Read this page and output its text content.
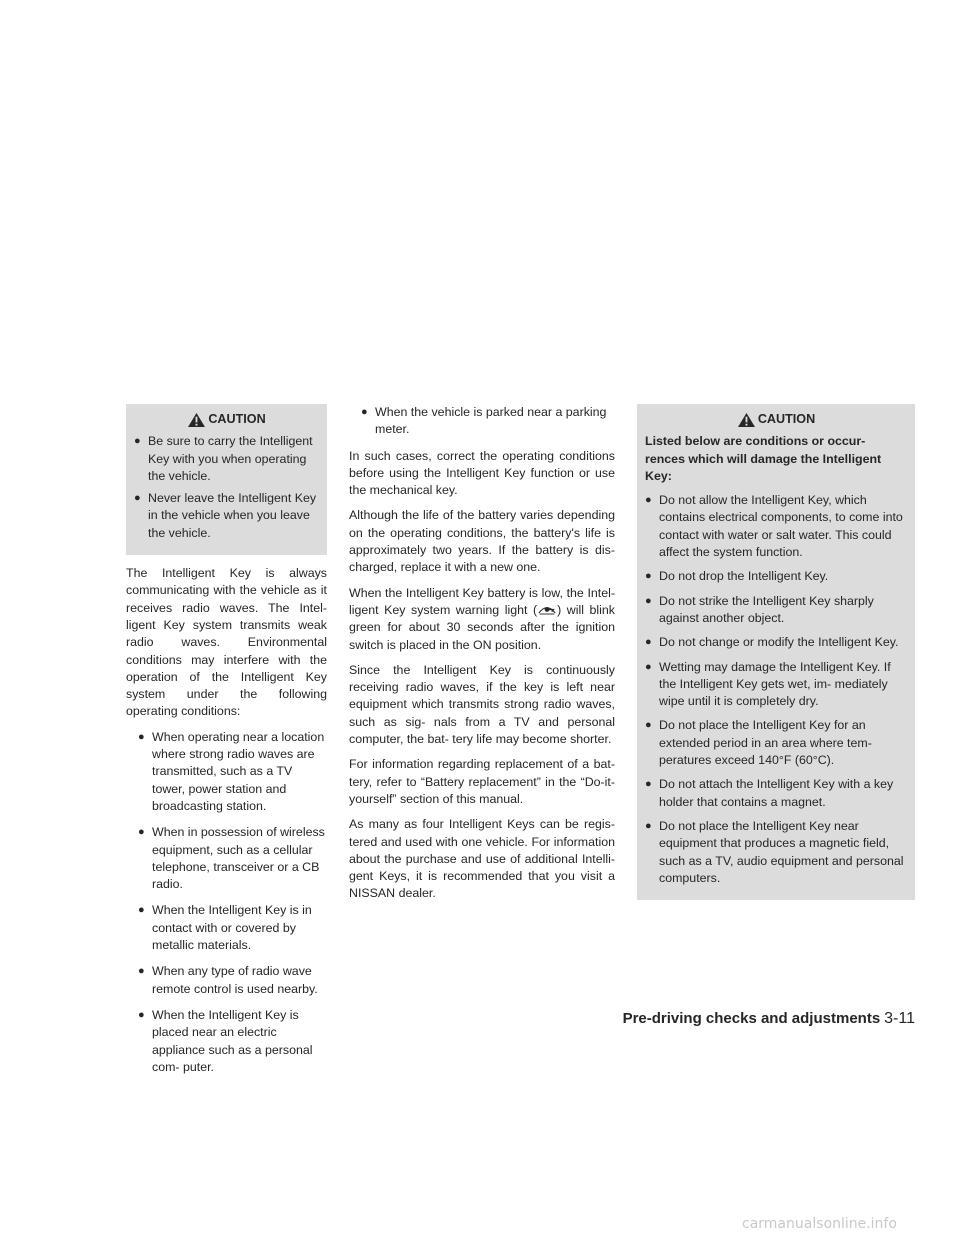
CAUTION
● Be sure to carry the Intelligent Key with you when operating the vehicle.
● Never leave the Intelligent Key in the vehicle when you leave the vehicle.

The Intelligent Key is always communicating with the vehicle as it receives radio waves. The Intel- ligent Key system transmits weak radio waves. Environmental conditions may interfere with the operation of the Intelligent Key system under the following operating conditions:

● When operating near a location where strong radio waves are transmitted, such as a TV tower, power station and broadcasting station.
● When in possession of wireless equipment, such as a cellular telephone, transceiver or a CB radio.
● When the Intelligent Key is in contact with or covered by metallic materials.
● When any type of radio wave remote control is used nearby.
● When the Intelligent Key is placed near an electric appliance such as a personal com- puter.
● When the vehicle is parked near a parking meter.

In such cases, correct the operating conditions before using the Intelligent Key function or use the mechanical key.

Although the life of the battery varies depending on the operating conditions, the battery's life is approximately two years. If the battery is dis- charged, replace it with a new one.

When the Intelligent Key battery is low, the Intel- ligent Key system warning light ( ) will blink green for about 30 seconds after the ignition switch is placed in the ON position.

Since the Intelligent Key is continuously receiving radio waves, if the key is left near equipment which transmits strong radio waves, such as sig- nals from a TV and personal computer, the bat- tery life may become shorter.

For information regarding replacement of a bat- tery, refer to “Battery replacement” in the “Do-it- yourself” section of this manual.

As many as four Intelligent Keys can be regis- tered and used with one vehicle. For information about the purchase and use of additional Intelli- gent Keys, it is recommended that you visit a NISSAN dealer.

CAUTION

Listed below are conditions or occur- rences which will damage the Intelligent Key:

● Do not allow the Intelligent Key, which contains electrical components, to come into contact with water or salt water. This could affect the system function.
● Do not drop the Intelligent Key.
● Do not strike the Intelligent Key sharply against another object.
● Do not change or modify the Intelligent Key.
● Wetting may damage the Intelligent Key. If the Intelligent Key gets wet, im- mediately wipe until it is completely dry.
● Do not place the Intelligent Key for an extended period in an area where tem- peratures exceed 140°F (60°C).
● Do not attach the Intelligent Key with a key holder that contains a magnet.
● Do not place the Intelligent Key near equipment that produces a magnetic field, such as a TV, audio equipment and personal computers.
Pre-driving checks and adjustments 3-11
carmanualsonline.info
